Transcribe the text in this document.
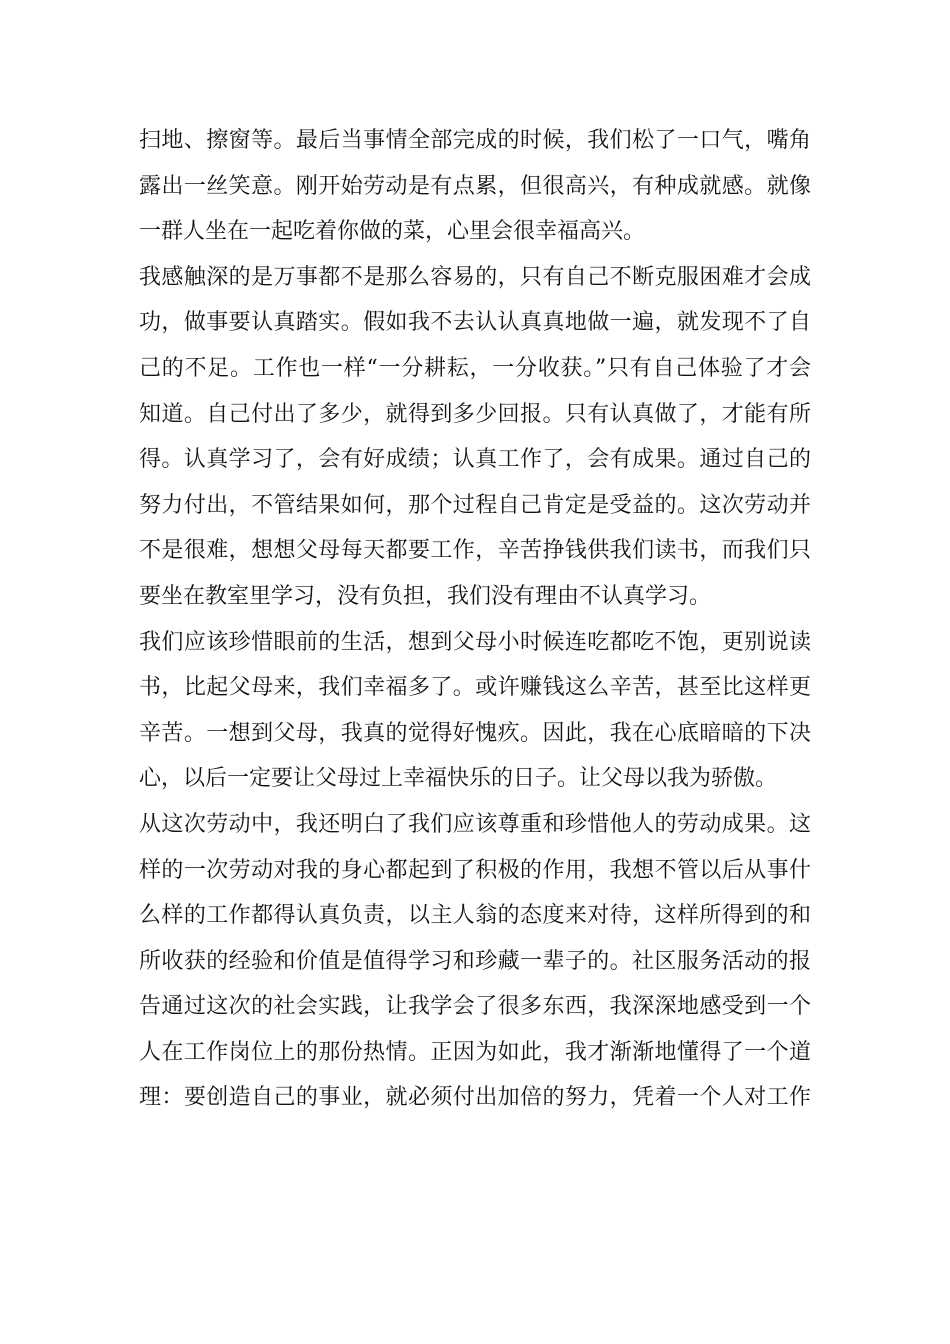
扫地、擦窗等。最后当事情全部完成的时候，我们松了一口气，嘴角
露出一丝笑意。刚开始劳动是有点累，但很高兴，有种成就感。就像
一群人坐在一起吃着你做的菜，心里会很幸福高兴。
我感触深的是万事都不是那么容易的，只有自己不断克服困难才会成
功，做事要认真踏实。假如我不去认认真真地做一遍，就发现不了自
己的不足。工作也一样“一分耕耘，一分收获。”只有自己体验了才会
知道。自己付出了多少，就得到多少回报。只有认真做了，才能有所
得。认真学习了，会有好成绩；认真工作了，会有成果。通过自己的
努力付出，不管结果如何，那个过程自己肯定是受益的。这次劳动并
不是很难，想想父母每天都要工作，辛苦挣钱供我们读书，而我们只
要坐在教室里学习，没有负担，我们没有理由不认真学习。
我们应该珍惜眼前的生活，想到父母小时候连吃都吃不饱，更别说读
书，比起父母来，我们幸福多了。或许赚钱这么辛苦，甚至比这样更
辛苦。一想到父母，我真的觉得好愧疚。因此，我在心底暗暗的下决
心，以后一定要让父母过上幸福快乐的日子。让父母以我为骄傲。
从这次劳动中，我还明白了我们应该尊重和珍惜他人的劳动成果。这
样的一次劳动对我的身心都起到了积极的作用，我想不管以后从事什
么样的工作都得认真负责，以主人翁的态度来对待，这样所得到的和
所收获的经验和价值是值得学习和珍藏一辈子的。社区服务活动的报
告通过这次的社会实践，让我学会了很多东西，我深深地感受到一个
人在工作岗位上的那份热情。正因为如此，我才渐渐地懂得了一个道
理：要创造自己的事业，就必须付出加倍的努力，凭着一个人对工作
